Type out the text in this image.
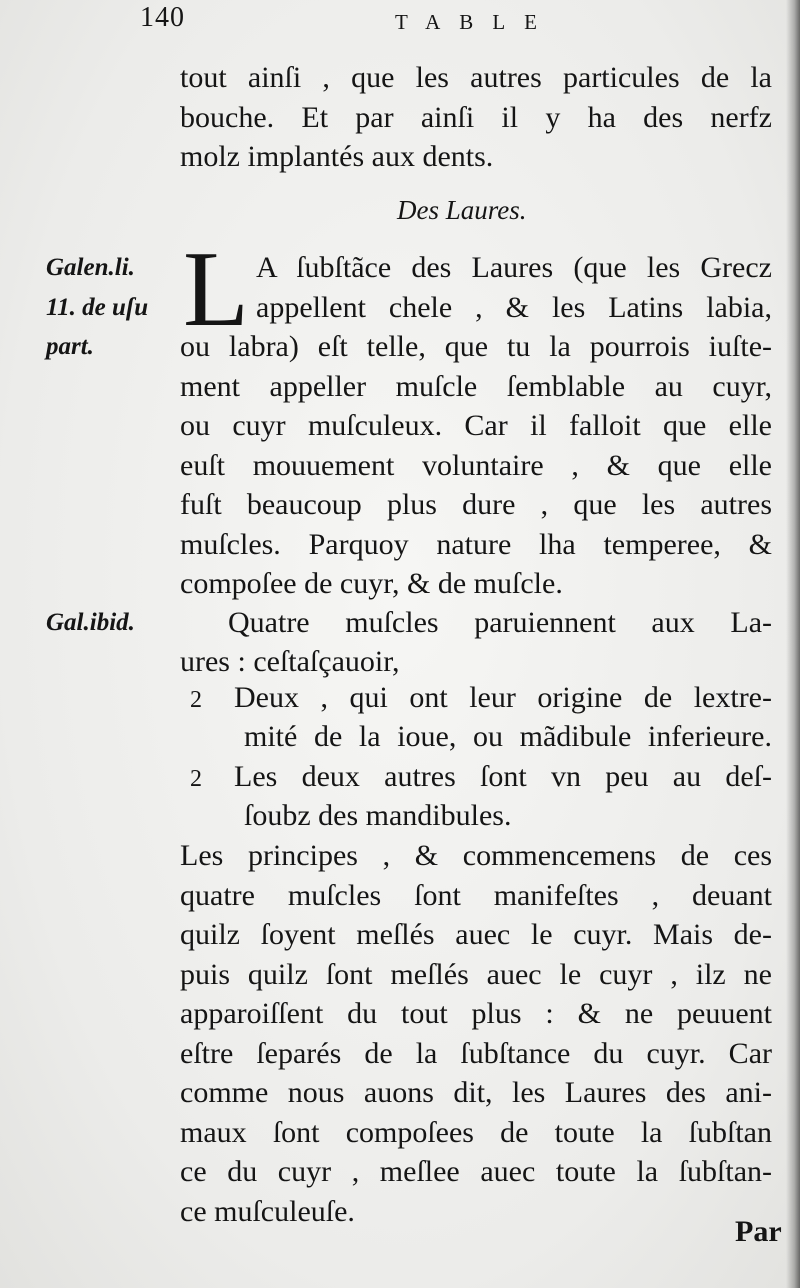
140	TABLE
tout ainſi , que les autres particules de la
bouche. Et par ainſi il y ha des nerfz
molz implantés aux dents.
Des Laures.
Galen.li.
11. de uſu
part. L A ſubſtãce des Laures (que les Grecz
appellent chele , & les Latins labia,
ou labra) eſt telle, que tu la pourrois iuſte-
ment appeller muſcle ſemblable au cuyr,
ou cuyr muſculeux. Car il falloit que elle
euſt mouuement voluntaire , & que elle
fuſt beaucoup plus dure , que les autres
muſcles. Parquoy nature lha temperee, &
compoſee de cuyr, & de muſcle.
Gal.ibid.	Quatre muſcles paruiennent aux La-
ures : ceſtaſçauoir,
2 Deux , qui ont leur origine de lextre-
mité de la ioue, ou mãdibule inferieure.
2 Les deux autres ſont vn peu au deſ-
ſoubz des mandibules.
Les principes , & commencemens de ces
quatre muſcles ſont manifeſtes , deuant
quilz ſoyent meſlés auec le cuyr. Mais de-
puis quilz ſont meſlés auec le cuyr , ilz ne
apparoiſſent du tout plus : & ne peuuent
eſtre ſeparés de la ſubſtance du cuyr. Car
comme nous auons dit, les Laures des ani-
maux ſont compoſees de toute la ſubſtan
ce du cuyr , meſlee auec toute la ſubſtan-
ce muſculeuſe.
Par
